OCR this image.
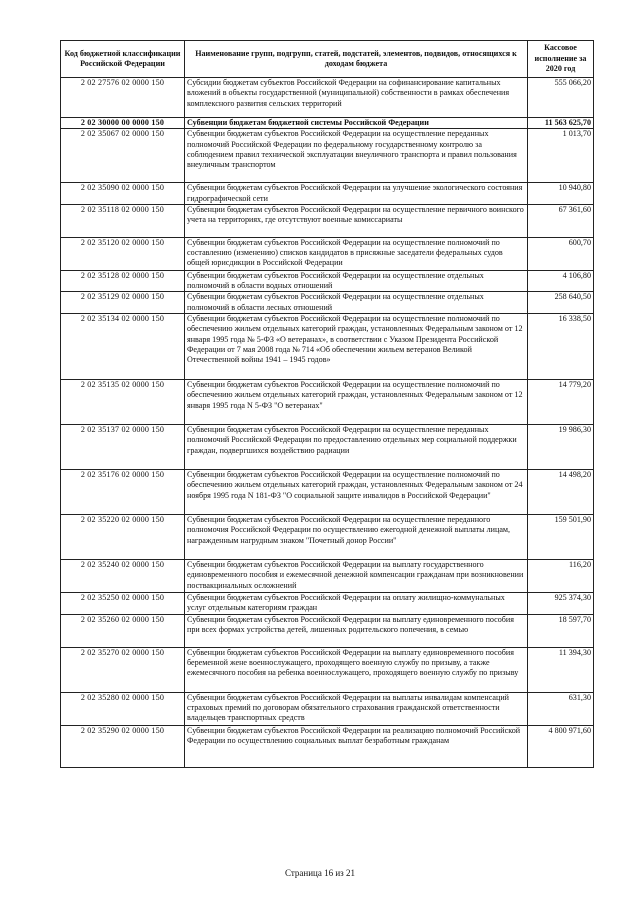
Код бюджетной классификации Российской Федерации	Наименование групп, подгрупп, статей, подстатей, элементов, подвидов, относящихся к доходам бюджета	Кассовое исполнение за 2020 год
2 02 27576 02 0000 150	Субсидии бюджетам субъектов Российской Федерации на софинансирование капитальных вложений в объекты государственной (муниципальной) собственности в рамках обеспечения комплексного развития сельских территорий	555 066,20
2 02 30000 00 0000 150	Субвенции бюджетам бюджетной системы Российской Федерации	11 563 625,70
2 02 35067 02 0000 150	Субвенции бюджетам субъектов Российской Федерации на осуществление переданных полномочий Российской Федерации по федеральному государственному контролю за соблюдением правил технической эксплуатации внеуличного транспорта и правил пользования внеуличным транспортом	1 013,70
2 02 35090 02 0000 150	Субвенции бюджетам субъектов Российской Федерации на улучшение экологического состояния гидрографической сети	10 940,80
2 02 35118 02 0000 150	Субвенции бюджетам субъектов Российской Федерации на осуществление первичного воинского учета на территориях, где отсутствуют военные комиссариаты	67 361,60
2 02 35120 02 0000 150	Субвенции бюджетам субъектов Российской Федерации на осуществление полномочий по составлению (изменению) списков кандидатов в присяжные заседатели федеральных судов общей юрисдикции в Российской Федерации	600,70
2 02 35128 02 0000 150	Субвенции бюджетам субъектов Российской Федерации на осуществление отдельных полномочий в области водных отношений	4 106,80
2 02 35129 02 0000 150	Субвенции бюджетам субъектов Российской Федерации на осуществление отдельных полномочий в области лесных отношений	258 640,50
2 02 35134 02 0000 150	Субвенции бюджетам субъектов Российской Федерации на осуществление полномочий по обеспечению жильем отдельных категорий граждан, установленных Федеральным законом от 12 января 1995 года № 5-ФЗ «О ветеранах», в соответствии с Указом Президента Российской Федерации от 7 мая 2008 года № 714 «Об обеспечении жильем ветеранов Великой Отечественной войны 1941 – 1945 годов»	16 338,50
2 02 35135 02 0000 150	Субвенции бюджетам субъектов Российской Федерации на осуществление полномочий по обеспечению жильем отдельных категорий граждан, установленных Федеральным законом от 12 января 1995 года N 5-ФЗ "О ветеранах"	14 779,20
2 02 35137 02 0000 150	Субвенции бюджетам субъектов Российской Федерации на осуществление переданных полномочий Российской Федерации по предоставлению отдельных мер социальной поддержки граждан, подвергшихся воздействию радиации	19 986,30
2 02 35176 02 0000 150	Субвенции бюджетам субъектов Российской Федерации на осуществление полномочий по обеспечению жильем отдельных категорий граждан, установленных Федеральным законом от 24 ноября 1995 года N 181-ФЗ "О социальной защите инвалидов в Российской Федерации"	14 498,20
2 02 35220 02 0000 150	Субвенции бюджетам субъектов Российской Федерации на осуществление переданного полномочия Российской Федерации по осуществлению ежегодной денежной выплаты лицам, награжденным нагрудным знаком "Почетный донор России"	159 501,90
2 02 35240 02 0000 150	Субвенции бюджетам субъектов Российской Федерации на выплату государственного единовременного пособия и ежемесячной денежной компенсации гражданам при возникновении поствакцинальных осложнений	116,20
2 02 35250 02 0000 150	Субвенции бюджетам субъектов Российской Федерации на оплату жилищно-коммунальных услуг отдельным категориям граждан	925 374,30
2 02 35260 02 0000 150	Субвенции бюджетам субъектов Российской Федерации на выплату единовременного пособия при всех формах устройства детей, лишенных родительского попечения, в семью	18 597,70
2 02 35270 02 0000 150	Субвенции бюджетам субъектов Российской Федерации на выплату единовременного пособия беременной жене военнослужащего, проходящего военную службу по призыву, а также ежемесячного пособия на ребенка военнослужащего, проходящего военную службу по призыву	11 394,30
2 02 35280 02 0000 150	Субвенции бюджетам субъектов Российской Федерации на выплаты инвалидам компенсаций страховых премий по договорам обязательного страхования гражданской ответственности владельцев транспортных средств	631,30
2 02 35290 02 0000 150	Субвенции бюджетам субъектов Российской Федерации на реализацию полномочий Российской Федерации по осуществлению социальных выплат безработным гражданам	4 800 971,60
Страница 16 из 21
